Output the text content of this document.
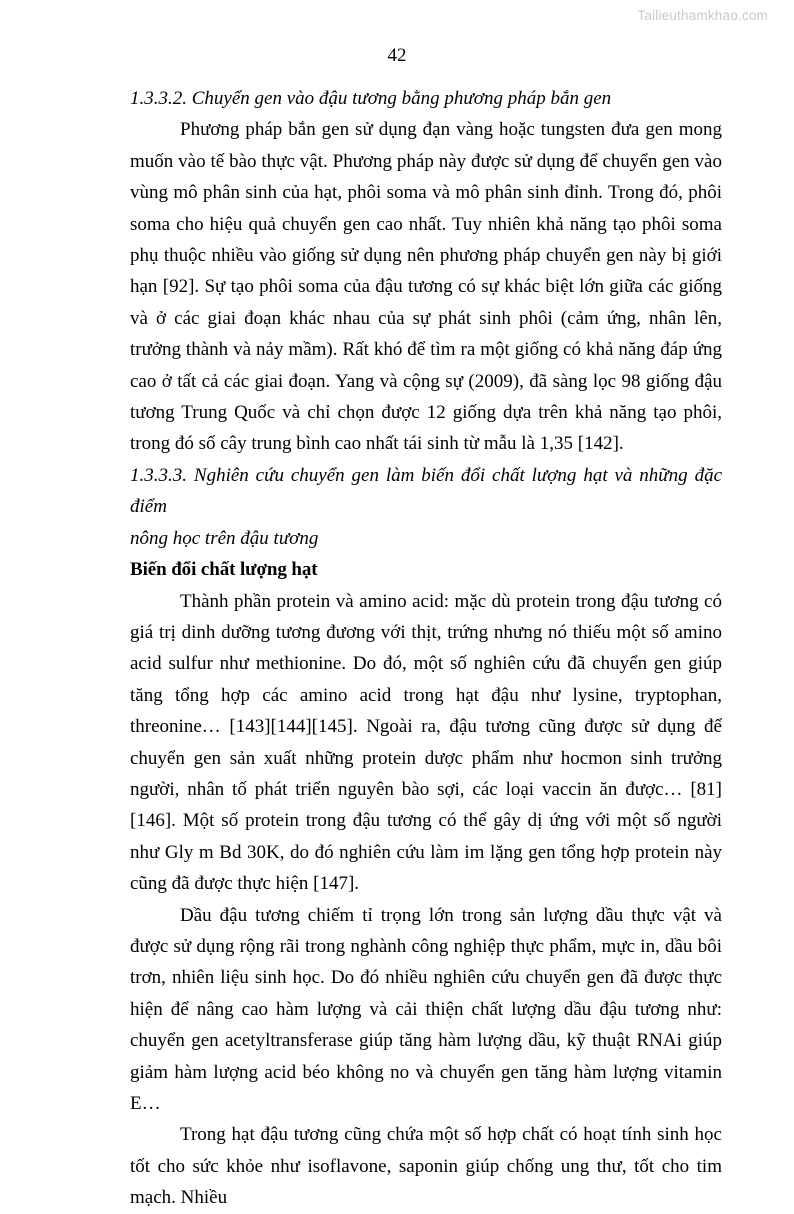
Tailieuthamkhao.com
42
1.3.3.2. Chuyển gen vào đậu tương bằng phương pháp bắn gen

Phương pháp bắn gen sử dụng đạn vàng hoặc tungsten đưa gen mong muốn vào tế bào thực vật. Phương pháp này được sử dụng để chuyển gen vào vùng mô phân sinh của hạt, phôi soma và mô phân sinh đỉnh. Trong đó, phôi soma cho hiệu quả chuyển gen cao nhất. Tuy nhiên khả năng tạo phôi soma phụ thuộc nhiều vào giống sử dụng nên phương pháp chuyển gen này bị giới hạn [92]. Sự tạo phôi soma của đậu tương có sự khác biệt lớn giữa các giống và ở các giai đoạn khác nhau của sự phát sinh phôi (cảm ứng, nhân lên, trưởng thành và nảy mầm). Rất khó để tìm ra một giống có khả năng đáp ứng cao ở tất cả các giai đoạn. Yang và cộng sự (2009), đã sàng lọc 98 giống đậu tương Trung Quốc và chỉ chọn được 12 giống dựa trên khả năng tạo phôi, trong đó số cây trung bình cao nhất tái sinh từ mẫu là 1,35 [142].

1.3.3.3. Nghiên cứu chuyển gen làm biến đổi chất lượng hạt và những đặc điểm
nông học trên đậu tương
Biến đổi chất lượng hạt

Thành phần protein và amino acid: mặc dù protein trong đậu tương có giá trị dinh dưỡng tương đương với thịt, trứng nhưng nó thiếu một số amino acid sulfur như methionine. Do đó, một số nghiên cứu đã chuyển gen giúp tăng tổng hợp các amino acid trong hạt đậu như lysine, tryptophan, threonine… [143][144][145]. Ngoài ra, đậu tương cũng được sử dụng để chuyển gen sản xuất những protein dược phẩm như hocmon sinh trưởng người, nhân tố phát triển nguyên bào sợi, các loại vaccin ăn được… [81][146]. Một số protein trong đậu tương có thể gây dị ứng với một số người như Gly m Bd 30K, do đó nghiên cứu làm im lặng gen tổng hợp protein này cũng đã được thực hiện [147].

Dầu đậu tương chiếm tỉ trọng lớn trong sản lượng dầu thực vật và được sử dụng rộng rãi trong nghành công nghiệp thực phẩm, mực in, dầu bôi trơn, nhiên liệu sinh học. Do đó nhiều nghiên cứu chuyển gen đã được thực hiện để nâng cao hàm lượng và cải thiện chất lượng dầu đậu tương như: chuyển gen acetyltransferase giúp tăng hàm lượng dầu, kỹ thuật RNAi giúp giảm hàm lượng acid béo không no và chuyển gen tăng hàm lượng vitamin E…

Trong hạt đậu tương cũng chứa một số hợp chất có hoạt tính sinh học tốt cho sức khỏe như isoflavone, saponin giúp chống ung thư, tốt cho tim mạch. Nhiều
